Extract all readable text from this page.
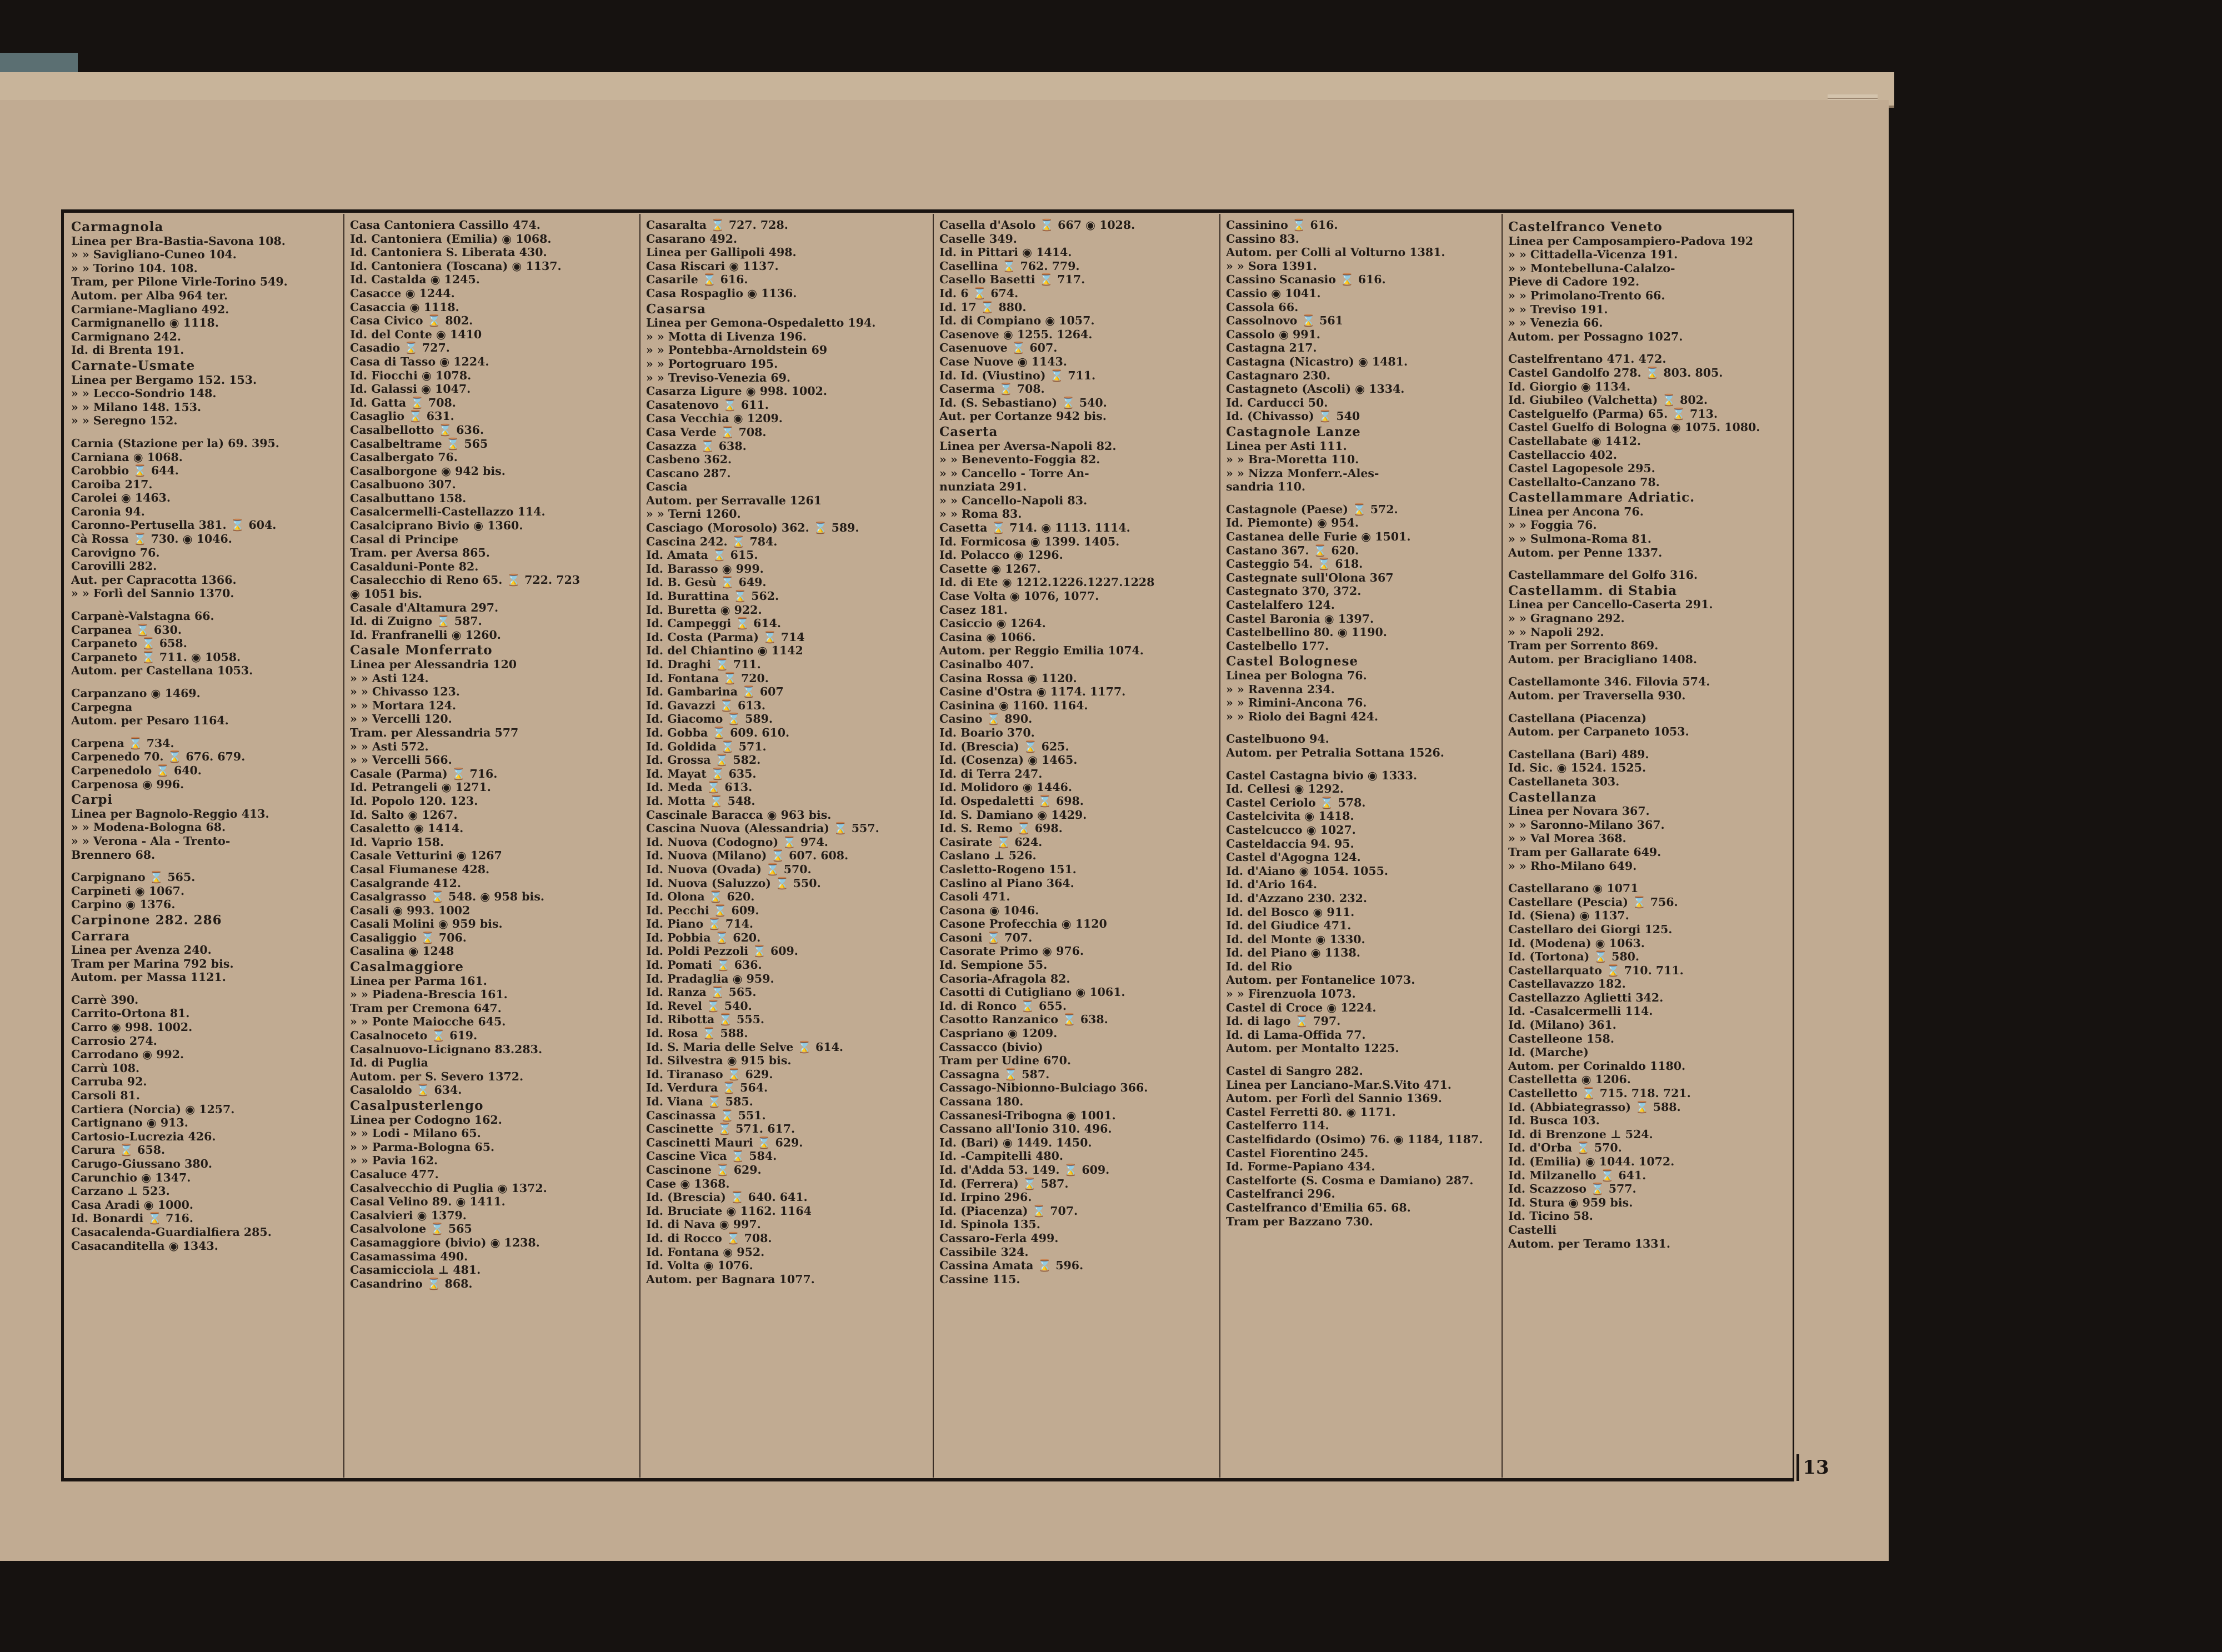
Carmagnola
Linea per Bra-Bastia-Savona 108.
» » Savigliano-Cuneo 104.
» » Torino 104. 108.
Tram, per Pilone Virle-Torino 549.
Autom. per Alba 964 ter.
Carmiane-Magliano 492.
Carmignanello ◉ 1118.
Carmignano 242.
Id. di Brenta 191.
Carnate-Usmate
Linea per Bergamo 152. 153.
» » Lecco-Sondrio 148.
» » Milano 148. 153.
» » Seregno 152.
Carnia (Stazione per la) 69. 395.
Carniana ◉ 1068.
Carobbio ⌛ 644.
Caroiba 217.
Carolei ◉ 1463.
Caronia 94.
Caronno-Pertusella 381. ⌛ 604.
Cà Rossa ⌛ 730. ◉ 1046.
Carovigno 76.
Carovilli 282.
Aut. per Capracotta 1366.
» » Forlì del Sannio 1370.
Carpanè-Valstagna 66.
Carpanea ⌛ 630.
Carpaneto ⌛ 658.
Carpaneto ⌛ 711. ◉ 1058.
Autom. per Castellana 1053.
Carpanzano ◉ 1469.
Carpegna
Autom. per Pesaro 1164.
Carpena ⌛ 734.
Carpenedo 70. ⌛ 676. 679.
Carpenedolo ⌛ 640.
Carpenosa ◉ 996.
Carpi
Linea per Bagnolo-Reggio 413.
» » Modena-Bologna 68.
» » Verona - Ala - Trento-
Brennero 68.
Carpignano ⌛ 565.
Carpineti ◉ 1067.
Carpino ◉ 1376.
Carpinone 282. 286
Carrara
Linea per Avenza 240.
Tram per Marina 792 bis.
Autom. per Massa 1121.
Carrè 390.
Carrito-Ortona 81.
Carro ◉ 998. 1002.
Carrosio 274.
Carrodano ◉ 992.
Carrù 108.
Carruba 92.
Carsoli 81.
Cartiera (Norcia) ◉ 1257.
Cartignano ◉ 913.
Cartosio-Lucrezia 426.
Carura ⌛ 658.
Carugo-Giussano 380.
Carunchio ◉ 1347.
Carzano ⊥ 523.
Casa Aradi ◉ 1000.
Id. Bonardi ⌛ 716.
Casacalenda-Guardialfiera 285.
Casacanditella ◉ 1343.
Casa Cantoniera Cassillo 474.
Id. Cantoniera (Emilia) ◉ 1068.
Id. Cantoniera S. Liberata 430.
Id. Cantoniera (Toscana) ◉ 1137.
Id. Castalda ◉ 1245.
Casacce ◉ 1244.
Casaccia ◉ 1118.
Casa Civico ⌛ 802.
Id. del Conte ◉ 1410
Casadio ⌛ 727.
Casa di Tasso ◉ 1224.
Id. Fiocchi ◉ 1078.
Id. Galassi ◉ 1047.
Id. Gatta ⌛ 708.
Casaglio ⌛ 631.
Casalbellotto ⌛ 636.
Casalbeltrame ⌛ 565
Casalbergato 76.
Casalborgone ◉ 942 bis.
Casalbuono 307.
Casalbuttano 158.
Casalcermelli-Castellazzo 114.
Casalciprano Bivio ◉ 1360.
Casal di Principe
Tram. per Aversa 865.
Casalduni-Ponte 82.
Casalecchio di Reno 65. ⌛ 722. 723
◉ 1051 bis.
Casale d'Altamura 297.
Id. di Zuigno ⌛ 587.
Id. Franfranelli ◉ 1260.
Casale Monferrato
Linea per Alessandria 120
» » Asti 124.
» » Chivasso 123.
» » Mortara 124.
» » Vercelli 120.
Tram. per Alessandria 577
» » Asti 572.
» » Vercelli 566.
Casale (Parma) ⌛ 716.
Id. Petrangeli ◉ 1271.
Id. Popolo 120. 123.
Id. Salto ◉ 1267.
Casaletto ◉ 1414.
Id. Vaprio 158.
Casale Vetturini ◉ 1267
Casal Fiumanese 428.
Casalgrande 412.
Casalgrasso ⌛ 548. ◉ 958 bis.
Casali ◉ 993. 1002
Casali Molini ◉ 959 bis.
Casaliggio ⌛ 706.
Casalina ◉ 1248
Casalmaggiore
Linea per Parma 161.
» » Piadena-Brescia 161.
Tram per Cremona 647.
» » Ponte Maiocche 645.
Casalnoceto ⌛ 619.
Casalnuovo-Licignano 83.283.
Id. di Puglia
Autom. per S. Severo 1372.
Casaloldo ⌛ 634.
Casalpusterlengo
Linea per Codogno 162.
» » Lodi - Milano 65.
» » Parma-Bologna 65.
» » Pavia 162.
Casaluce 477.
Casalvecchio di Puglia ◉ 1372.
Casal Velino 89. ◉ 1411.
Casalvieri ◉ 1379.
Casalvolone ⌛ 565
Casamaggiore (bivio) ◉ 1238.
Casamassima 490.
Casamicciola ⊥ 481.
Casandrino ⌛ 868.
Casaralta ⌛ 727. 728.
Casarano 492.
Linea per Gallipoli 498.
Casa Riscari ◉ 1137.
Casarile ⌛ 616.
Casa Rospaglio ◉ 1136.
Casarsa
Linea per Gemona-Ospedaletto 194.
» » Motta di Livenza 196.
» » Pontebba-Arnoldstein 69
» » Portogruaro 195.
» » Treviso-Venezia 69.
Casarza Ligure ◉ 998. 1002.
Casatenovo ⌛ 611.
Casa Vecchia ◉ 1209.
Casa Verde ⌛ 708.
Casazza ⌛ 638.
Casbeno 362.
Cascano 287.
Cascia
Autom. per Serravalle 1261
» » Terni 1260.
Casciago (Morosolo) 362. ⌛ 589.
Cascina 242. ⌛ 784.
Id. Amata ⌛ 615.
Id. Barasso ◉ 999.
Id. B. Gesù ⌛ 649.
Id. Burattina ⌛ 562.
Id. Buretta ◉ 922.
Id. Campeggi ⌛ 614.
Id. Costa (Parma) ⌛ 714
Id. del Chiantino ◉ 1142
Id. Draghi ⌛ 711.
Id. Fontana ⌛ 720.
Id. Gambarina ⌛ 607
Id. Gavazzi ⌛ 613.
Id. Giacomo ⌛ 589.
Id. Gobba ⌛ 609. 610.
Id. Goldida ⌛ 571.
Id. Grossa ⌛ 582.
Id. Mayat ⌛ 635.
Id. Meda ⌛ 613.
Id. Motta ⌛ 548.
Cascinale Baracca ◉ 963 bis.
Cascina Nuova (Alessandria) ⌛ 557.
Id. Nuova (Codogno) ⌛ 974.
Id. Nuova (Milano) ⌛ 607. 608.
Id. Nuova (Ovada) ⌛ 570.
Id. Nuova (Saluzzo) ⌛ 550.
Id. Olona ⌛ 620.
Id. Pecchi ⌛ 609.
Id. Piano ⌛ 714.
Id. Pobbia ⌛ 620.
Id. Poldi Pezzoli ⌛ 609.
Id. Pomati ⌛ 636.
Id. Pradaglia ◉ 959.
Id. Ranza ⌛ 565.
Id. Revel ⌛ 540.
Id. Ribotta ⌛ 555.
Id. Rosa ⌛ 588.
Id. S. Maria delle Selve ⌛ 614.
Id. Silvestra ◉ 915 bis.
Id. Tiranaso ⌛ 629.
Id. Verdura ⌛ 564.
Id. Viana ⌛ 585.
Cascinassa ⌛ 551.
Cascinette ⌛ 571. 617.
Cascinetti Mauri ⌛ 629.
Cascine Vica ⌛ 584.
Cascinone ⌛ 629.
Case ◉ 1368.
Id. (Brescia) ⌛ 640. 641.
Id. Bruciate ◉ 1162. 1164
Id. di Nava ◉ 997.
Id. di Rocco ⌛ 708.
Id. Fontana ◉ 952.
Id. Volta ◉ 1076.
Autom. per Bagnara 1077.
Casella d'Asolo ⌛ 667 ◉ 1028.
Caselle 349.
Id. in Pittari ◉ 1414.
Casellina ⌛ 762. 779.
Casello Basetti ⌛ 717.
Id. 6 ⌛ 674.
Id. 17 ⌛ 880.
Id. di Compiano ◉ 1057.
Casenove ◉ 1255. 1264.
Casenuove ⌛ 607.
Case Nuove ◉ 1143.
Id. Id. (Viustino) ⌛ 711.
Caserma ⌛ 708.
Id. (S. Sebastiano) ⌛ 540.
Aut. per Cortanze 942 bis.
Caserta
Linea per Aversa-Napoli 82.
» » Benevento-Foggia 82.
» » Cancello - Torre An-
nunziata 291.
» » Cancello-Napoli 83.
» » Roma 83.
Casetta ⌛ 714. ◉ 1113. 1114.
Id. Formicosa ◉ 1399. 1405.
Id. Polacco ◉ 1296.
Casette ◉ 1267.
Id. di Ete ◉ 1212.1226.1227.1228
Case Volta ◉ 1076, 1077.
Casez 181.
Casiccio ◉ 1264.
Casina ◉ 1066.
Autom. per Reggio Emilia 1074.
Casinalbo 407.
Casina Rossa ◉ 1120.
Casine d'Ostra ◉ 1174. 1177.
Casinina ◉ 1160. 1164.
Casino ⌛ 890.
Id. Boario 370.
Id. (Brescia) ⌛ 625.
Id. (Cosenza) ◉ 1465.
Id. di Terra 247.
Id. Molidoro ◉ 1446.
Id. Ospedaletti ⌛ 698.
Id. S. Damiano ◉ 1429.
Id. S. Remo ⌛ 698.
Casirate ⌛ 624.
Caslano ⊥ 526.
Casletto-Rogeno 151.
Caslino al Piano 364.
Casoli 471.
Casona ◉ 1046.
Casone Profecchia ◉ 1120
Casoni ⌛ 707.
Casorate Primo ◉ 976.
Id. Sempione 55.
Casoria-Afragola 82.
Casotti di Cutigliano ◉ 1061.
Id. di Ronco ⌛ 655.
Casotto Ranzanico ⌛ 638.
Caspriano ◉ 1209.
Cassacco (bivio)
Tram per Udine 670.
Cassagna ⌛ 587.
Cassago-Nibionno-Bulciago 366.
Cassana 180.
Cassanesi-Tribogna ◉ 1001.
Cassano all'Ionio 310. 496.
Id. (Bari) ◉ 1449. 1450.
Id. -Campitelli 480.
Id. d'Adda 53. 149. ⌛ 609.
Id. (Ferrera) ⌛ 587.
Id. Irpino 296.
Id. (Piacenza) ⌛ 707.
Id. Spinola 135.
Cassaro-Ferla 499.
Cassibile 324.
Cassina Amata ⌛ 596.
Cassine 115.
Cassinino ⌛ 616.
Cassino 83.
Autom. per Colli al Volturno 1381.
» » Sora 1391.
Cassino Scanasio ⌛ 616.
Cassio ◉ 1041.
Cassola 66.
Cassolnovo ⌛ 561
Cassolo ◉ 991.
Castagna 217.
Castagna (Nicastro) ◉ 1481.
Castagnaro 230.
Castagneto (Ascoli) ◉ 1334.
Id. Carducci 50.
Id. (Chivasso) ⌛ 540
Castagnole Lanze
Linea per Asti 111.
» » Bra-Moretta 110.
» » Nizza Monferr.-Ales-
sandria 110.
Castagnole (Paese) ⌛ 572.
Id. Piemonte) ◉ 954.
Castanea delle Furie ◉ 1501.
Castano 367. ⌛ 620.
Casteggio 54. ⌛ 618.
Castegnate sull'Olona 367
Castegnato 370, 372.
Castelalfero 124.
Castel Baronia ◉ 1397.
Castelbellino 80. ◉ 1190.
Castelbello 177.
Castel Bolognese
Linea per Bologna 76.
» » Ravenna 234.
» » Rimini-Ancona 76.
» » Riolo dei Bagni 424.
Castelbuono 94.
Autom. per Petralia Sottana 1526.
Castel Castagna bivio ◉ 1333.
Id. Cellesi ◉ 1292.
Castel Ceriolo ⌛ 578.
Castelcivita ◉ 1418.
Castelcucco ◉ 1027.
Casteldaccia 94. 95.
Castel d'Agogna 124.
Id. d'Aiano ◉ 1054. 1055.
Id. d'Ario 164.
Id. d'Azzano 230. 232.
Id. del Bosco ◉ 911.
Id. del Giudice 471.
Id. del Monte ◉ 1330.
Id. del Piano ◉ 1138.
Id. del Rio
Autom. per Fontanelice 1073.
» » Firenzuola 1073.
Castel di Croce ◉ 1224.
Id. di lago ⌛ 797.
Id. di Lama-Offida 77.
Autom. per Montalto 1225.
Castel di Sangro 282.
Linea per Lanciano-Mar.S.Vito 471.
Autom. per Forlì del Sannio 1369.
Castel Ferretti 80. ◉ 1171.
Castelferro 114.
Castelfidardo (Osimo) 76. ◉ 1184, 1187.
Castel Fiorentino 245.
Id. Forme-Papiano 434.
Castelforte (S. Cosma e Damiano) 287.
Castelfranci 296.
Castelfranco d'Emilia 65. 68.
Tram per Bazzano 730.
Castelfranco Veneto
Linea per Camposampiero-Padova 192
» » Cittadella-Vicenza 191.
» » Montebelluna-Calalzo-
Pieve di Cadore 192.
» » Primolano-Trento 66.
» » Treviso 191.
» » Venezia 66.
Autom. per Possagno 1027.
Castelfrentano 471. 472.
Castel Gandolfo 278. ⌛ 803. 805.
Id. Giorgio ◉ 1134.
Id. Giubileo (Valchetta) ⌛ 802.
Castelguelfo (Parma) 65. ⌛ 713.
Castel Guelfo di Bologna ◉ 1075. 1080.
Castellabate ◉ 1412.
Castellaccio 402.
Castel Lagopesole 295.
Castellalto-Canzano 78.
Castellammare Adriatic.
Linea per Ancona 76.
» » Foggia 76.
» » Sulmona-Roma 81.
Autom. per Penne 1337.
Castellammare del Golfo 316.
Castellamm. di Stabia
Linea per Cancello-Caserta 291.
» » Gragnano 292.
» » Napoli 292.
Tram per Sorrento 869.
Autom. per Bracigliano 1408.
Castellamonte 346. Filovia 574.
Autom. per Traversella 930.
Castellana (Piacenza)
Autom. per Carpaneto 1053.
Castellana (Bari) 489.
Id. Sic. ◉ 1524. 1525.
Castellaneta 303.
Castellanza
Linea per Novara 367.
» » Saronno-Milano 367.
» » Val Morea 368.
Tram per Gallarate 649.
» » Rho-Milano 649.
Castellarano ◉ 1071
Castellare (Pescia) ⌛ 756.
Id. (Siena) ◉ 1137.
Castellaro dei Giorgi 125.
Id. (Modena) ◉ 1063.
Id. (Tortona) ⌛ 580.
Castellarquato ⌛ 710. 711.
Castellavazzo 182.
Castellazzo Aglietti 342.
Id. -Casalcermelli 114.
Id. (Milano) 361.
Castelleone 158.
Id. (Marche)
Autom. per Corinaldo 1180.
Castelletta ◉ 1206.
Castelletto ⌛ 715. 718. 721.
Id. (Abbiategrasso) ⌛ 588.
Id. Busca 103.
Id. di Brenzone ⊥ 524.
Id. d'Orba ⌛ 570.
Id. (Emilia) ◉ 1044. 1072.
Id. Milzanello ⌛ 641.
Id. Scazzoso ⌛ 577.
Id. Stura ◉ 959 bis.
Id. Ticino 58.
Castelli
Autom. per Teramo 1331.
13
